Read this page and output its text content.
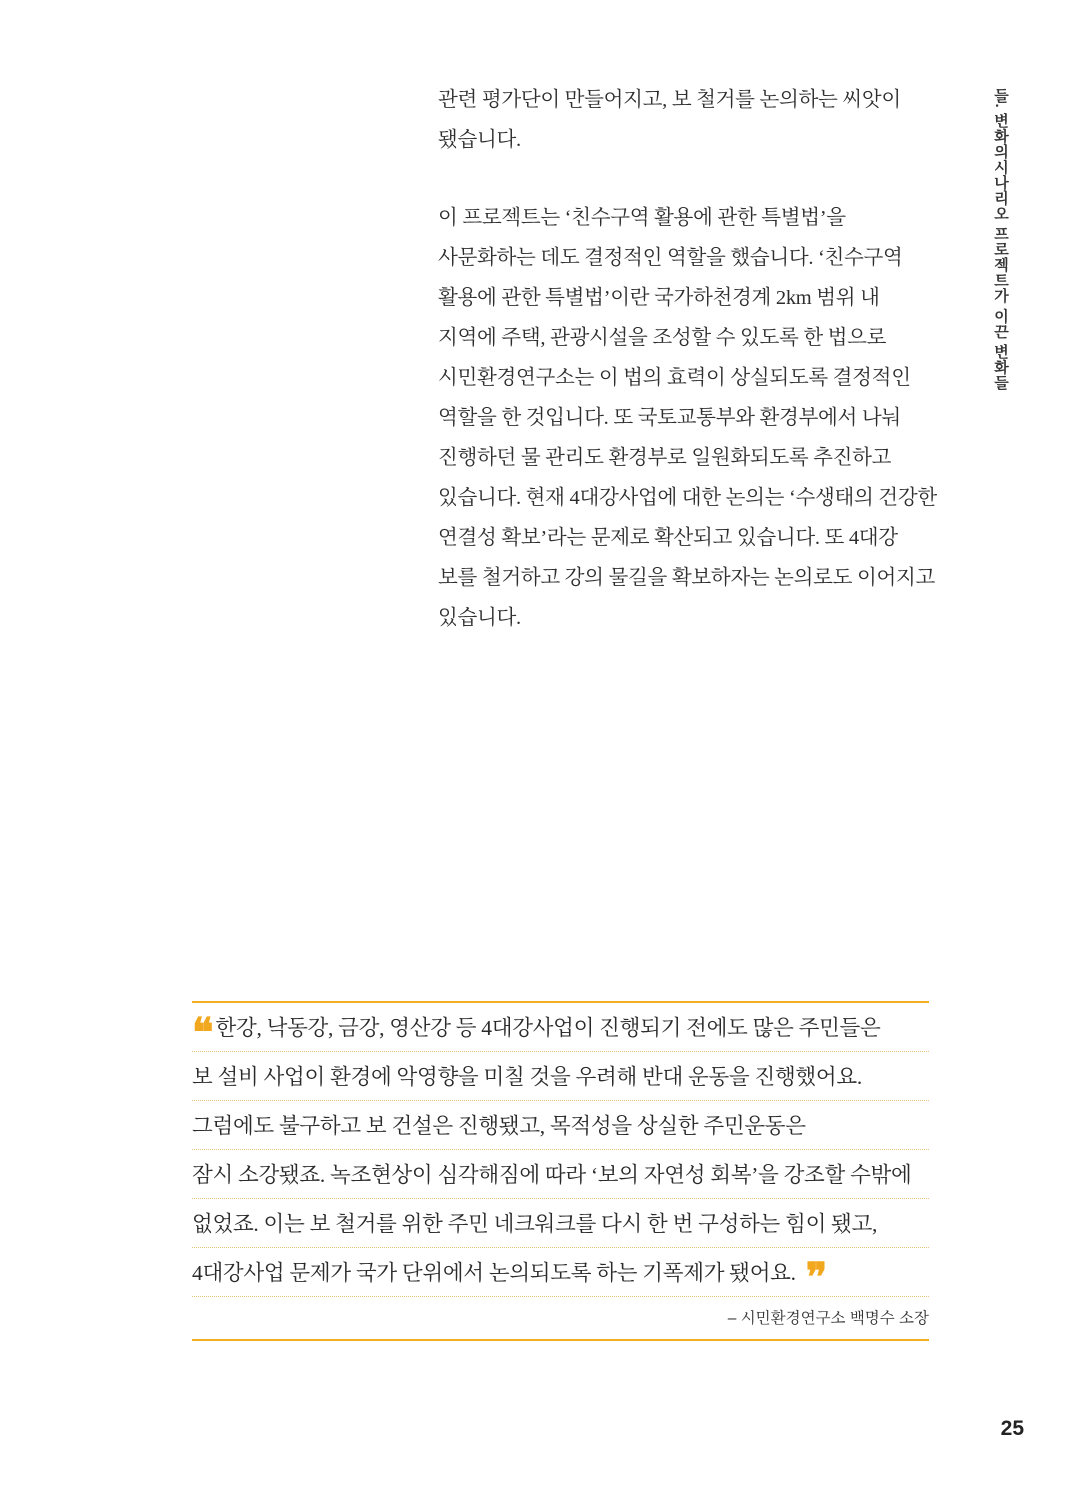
들. 변화의시나리오 프로젝트가 이끈 변화들

관련 평가단이 만들어지고, 보 철거를 논의하는 씨앗이
됐습니다.

이 프로젝트는 ‘친수구역 활용에 관한 특별법’을
사문화하는 데도 결정적인 역할을 했습니다. ‘친수구역
활용에 관한 특별법’이란 국가하천경계 2km 범위 내
지역에 주택, 관광시설을 조성할 수 있도록 한 법으로
시민환경연구소는 이 법의 효력이 상실되도록 결정적인
역할을 한 것입니다. 또 국토교통부와 환경부에서 나눠
진행하던 물 관리도 환경부로 일원화되도록 추진하고
있습니다. 현재 4대강사업에 대한 논의는 ‘수생태의 건강한
연결성 확보’라는 문제로 확산되고 있습니다. 또 4대강
보를 철거하고 강의 물길을 확보하자는 논의로도 이어지고
있습니다.

❝ 한강, 낙동강, 금강, 영산강 등 4대강사업이 진행되기 전에도 많은 주민들은
보 설비 사업이 환경에 악영향을 미칠 것을 우려해 반대 운동을 진행했어요.
그럼에도 불구하고 보 건설은 진행됐고, 목적성을 상실한 주민운동은
잠시 소강됐죠. 녹조현상이 심각해짐에 따라 ‘보의 자연성 회복’을 강조할 수밖에
없었죠. 이는 보 철거를 위한 주민 네크워크를 다시 한 번 구성하는 힘이 됐고,
4대강사업 문제가 국가 단위에서 논의되도록 하는 기폭제가 됐어요. ❞
– 시민환경연구소 백명수 소장
25
